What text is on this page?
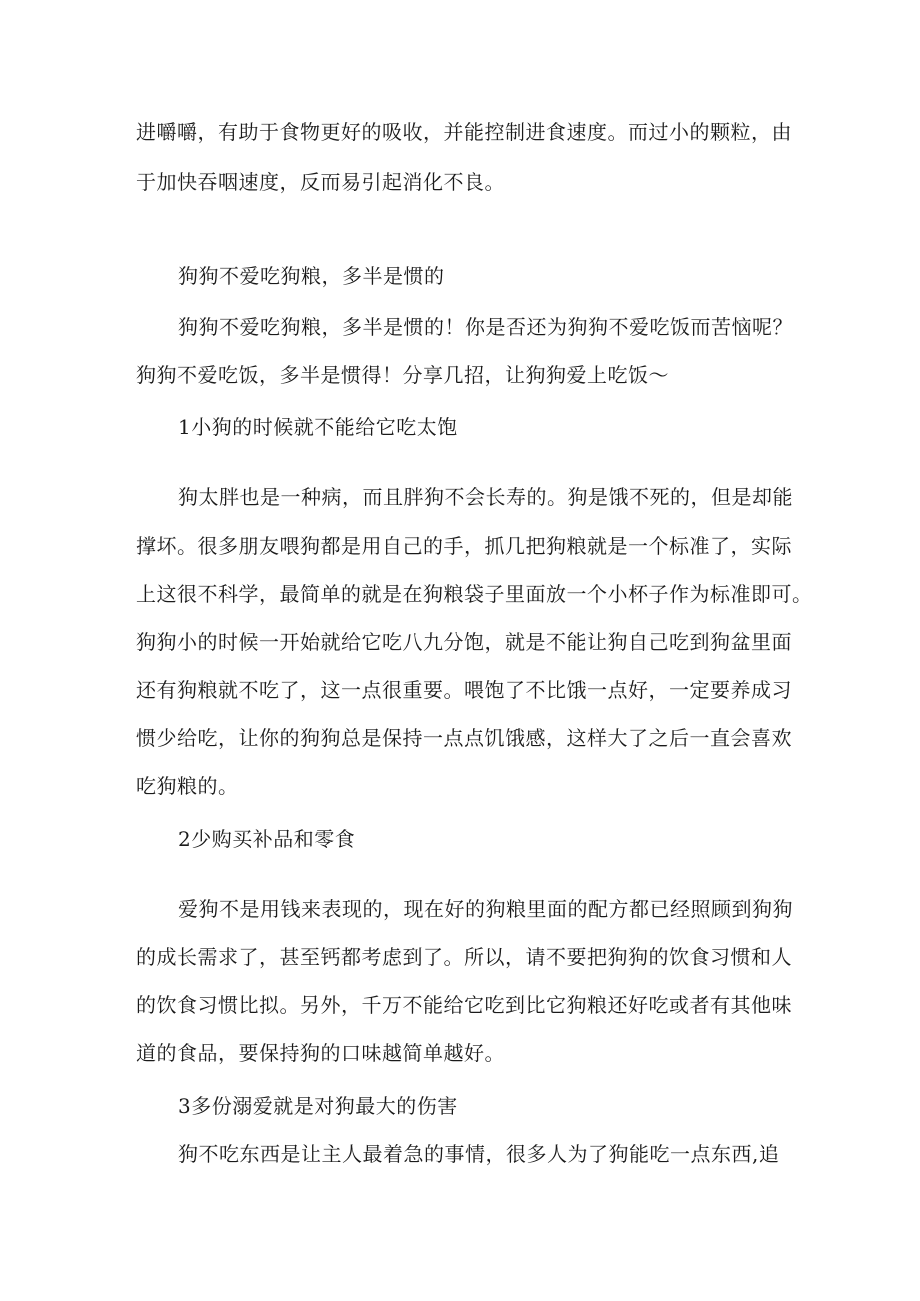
进嚼嚼，有助于食物更好的吸收，并能控制进食速度。而过小的颗粒，由

于加快吞咽速度，反而易引起消化不良。

狗狗不爱吃狗粮，多半是惯的

狗狗不爱吃狗粮，多半是惯的！你是否还为狗狗不爱吃饭而苦恼呢？

狗狗不爱吃饭，多半是惯得！分享几招，让狗狗爱上吃饭～

1小狗的时候就不能给它吃太饱

狗太胖也是一种病，而且胖狗不会长寿的。狗是饿不死的，但是却能

撑坏。很多朋友喂狗都是用自己的手，抓几把狗粮就是一个标准了，实际

上这很不科学，最简单的就是在狗粮袋子里面放一个小杯子作为标准即可。

狗狗小的时候一开始就给它吃八九分饱，就是不能让狗自己吃到狗盆里面

还有狗粮就不吃了，这一点很重要。喂饱了不比饿一点好，一定要养成习

惯少给吃，让你的狗狗总是保持一点点饥饿感，这样大了之后一直会喜欢

吃狗粮的。

2少购买补品和零食

爱狗不是用钱来表现的，现在好的狗粮里面的配方都已经照顾到狗狗

的成长需求了，甚至钙都考虑到了。所以，请不要把狗狗的饮食习惯和人

的饮食习惯比拟。另外，千万不能给它吃到比它狗粮还好吃或者有其他味

道的食品，要保持狗的口味越简单越好。

3多份溺爱就是对狗最大的伤害

狗不吃东西是让主人最着急的事情，很多人为了狗能吃一点东西,追
